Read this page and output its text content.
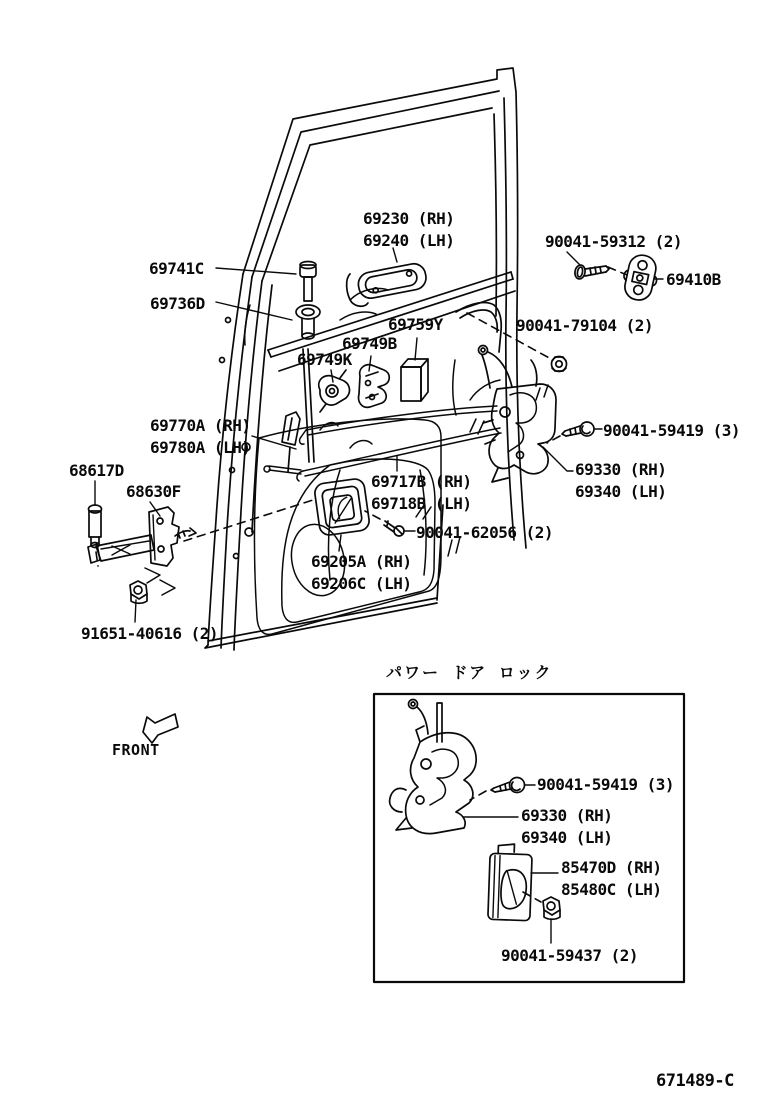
69741C
69736D
69230 (RH)
69240 (LH)	90041-59312 (2)
69410B
90041-79104 (2)
69759Y
69749B
69749K
69770A (RH)
69780A (LH)
68617D
68630F
90041-59419 (3)
69330 (RH)
69340 (LH)
69717B (RH)
69718B (LH)
90041-62056 (2)
69205A (RH)
69206C (LH)
91651-40616 (2)
FRONT
パワー ドア ロック
90041-59419 (3)
69330 (RH)
69340 (LH)
85470D (RH)
85480C (LH)
90041-59437 (2)
671489-C
